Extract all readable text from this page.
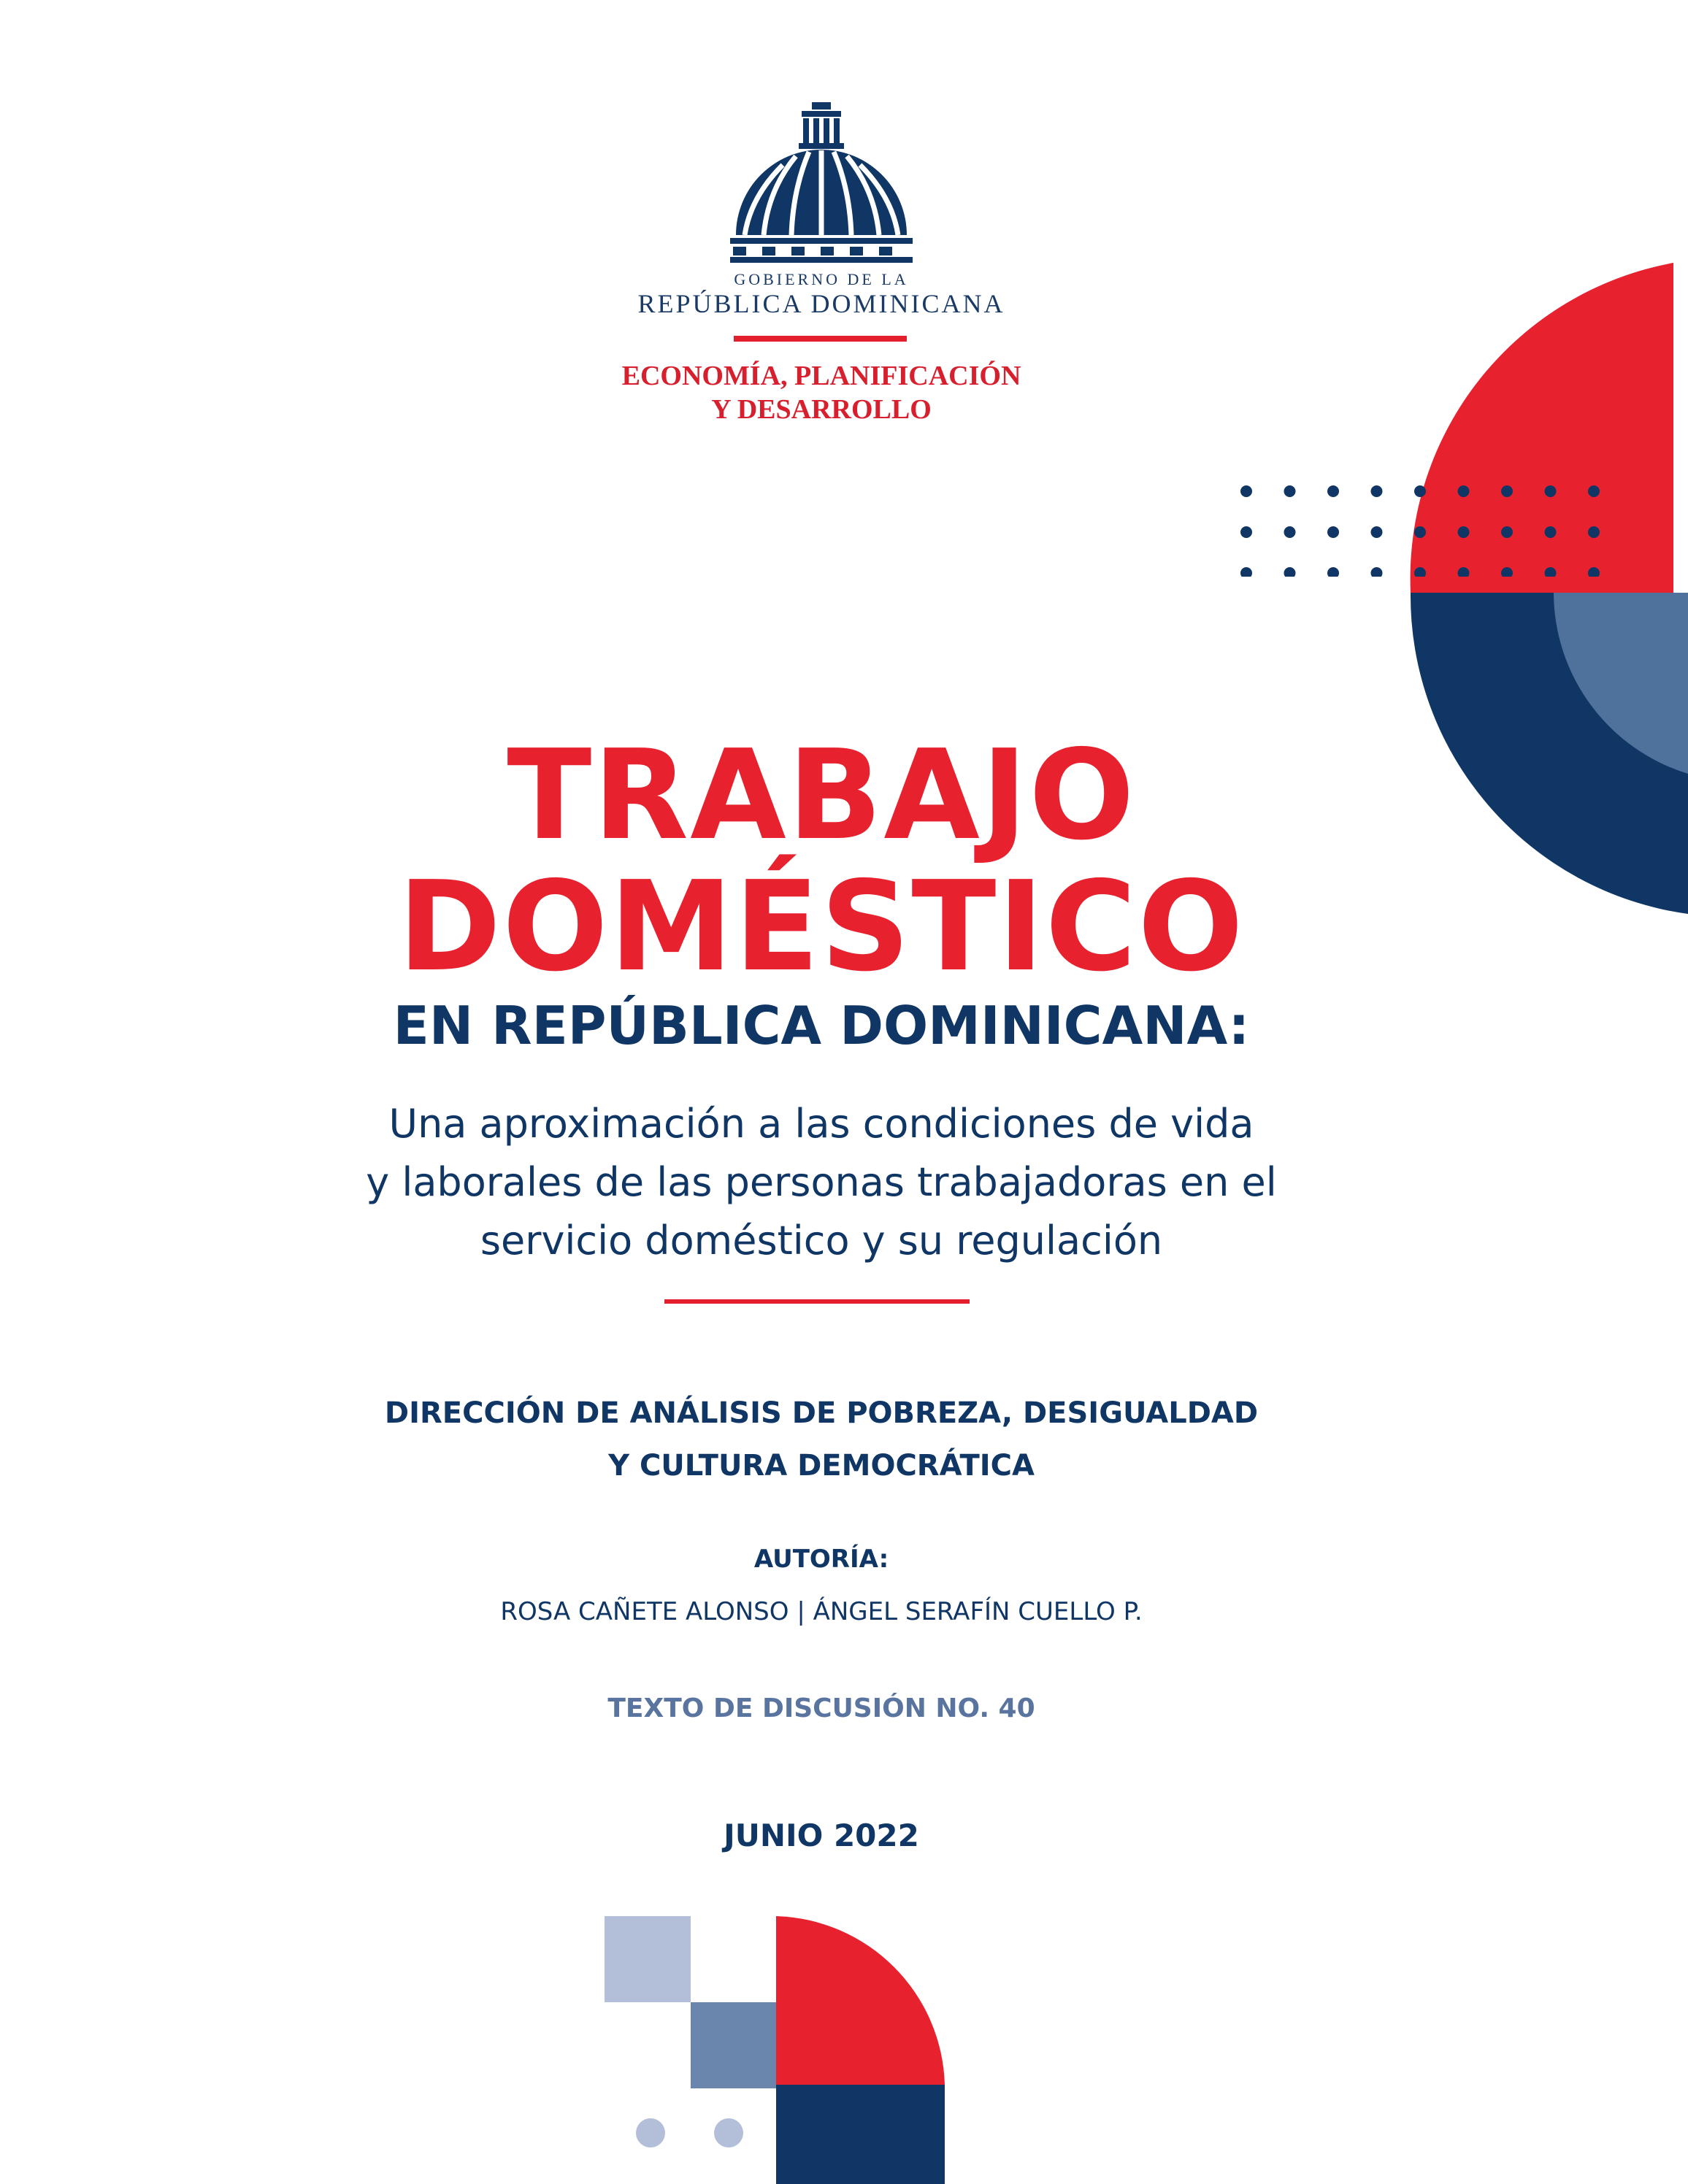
GOBIERNO DE LA
REPÚBLICA DOMINICANA
ECONOMÍA, PLANIFICACIÓN
Y DESARROLLO
TRABAJO
DOMÉSTICO
EN REPÚBLICA DOMINICANA:
Una aproximación a las condiciones de vida
y laborales de las personas trabajadoras en el
servicio doméstico y su regulación
DIRECCIÓN DE ANÁLISIS DE POBREZA, DESIGUALDAD
Y CULTURA DEMOCRÁTICA
AUTORÍA:
ROSA CAÑETE ALONSO | ÁNGEL SERAFÍN CUELLO P.
TEXTO DE DISCUSIÓN NO. 40
JUNIO 2022
